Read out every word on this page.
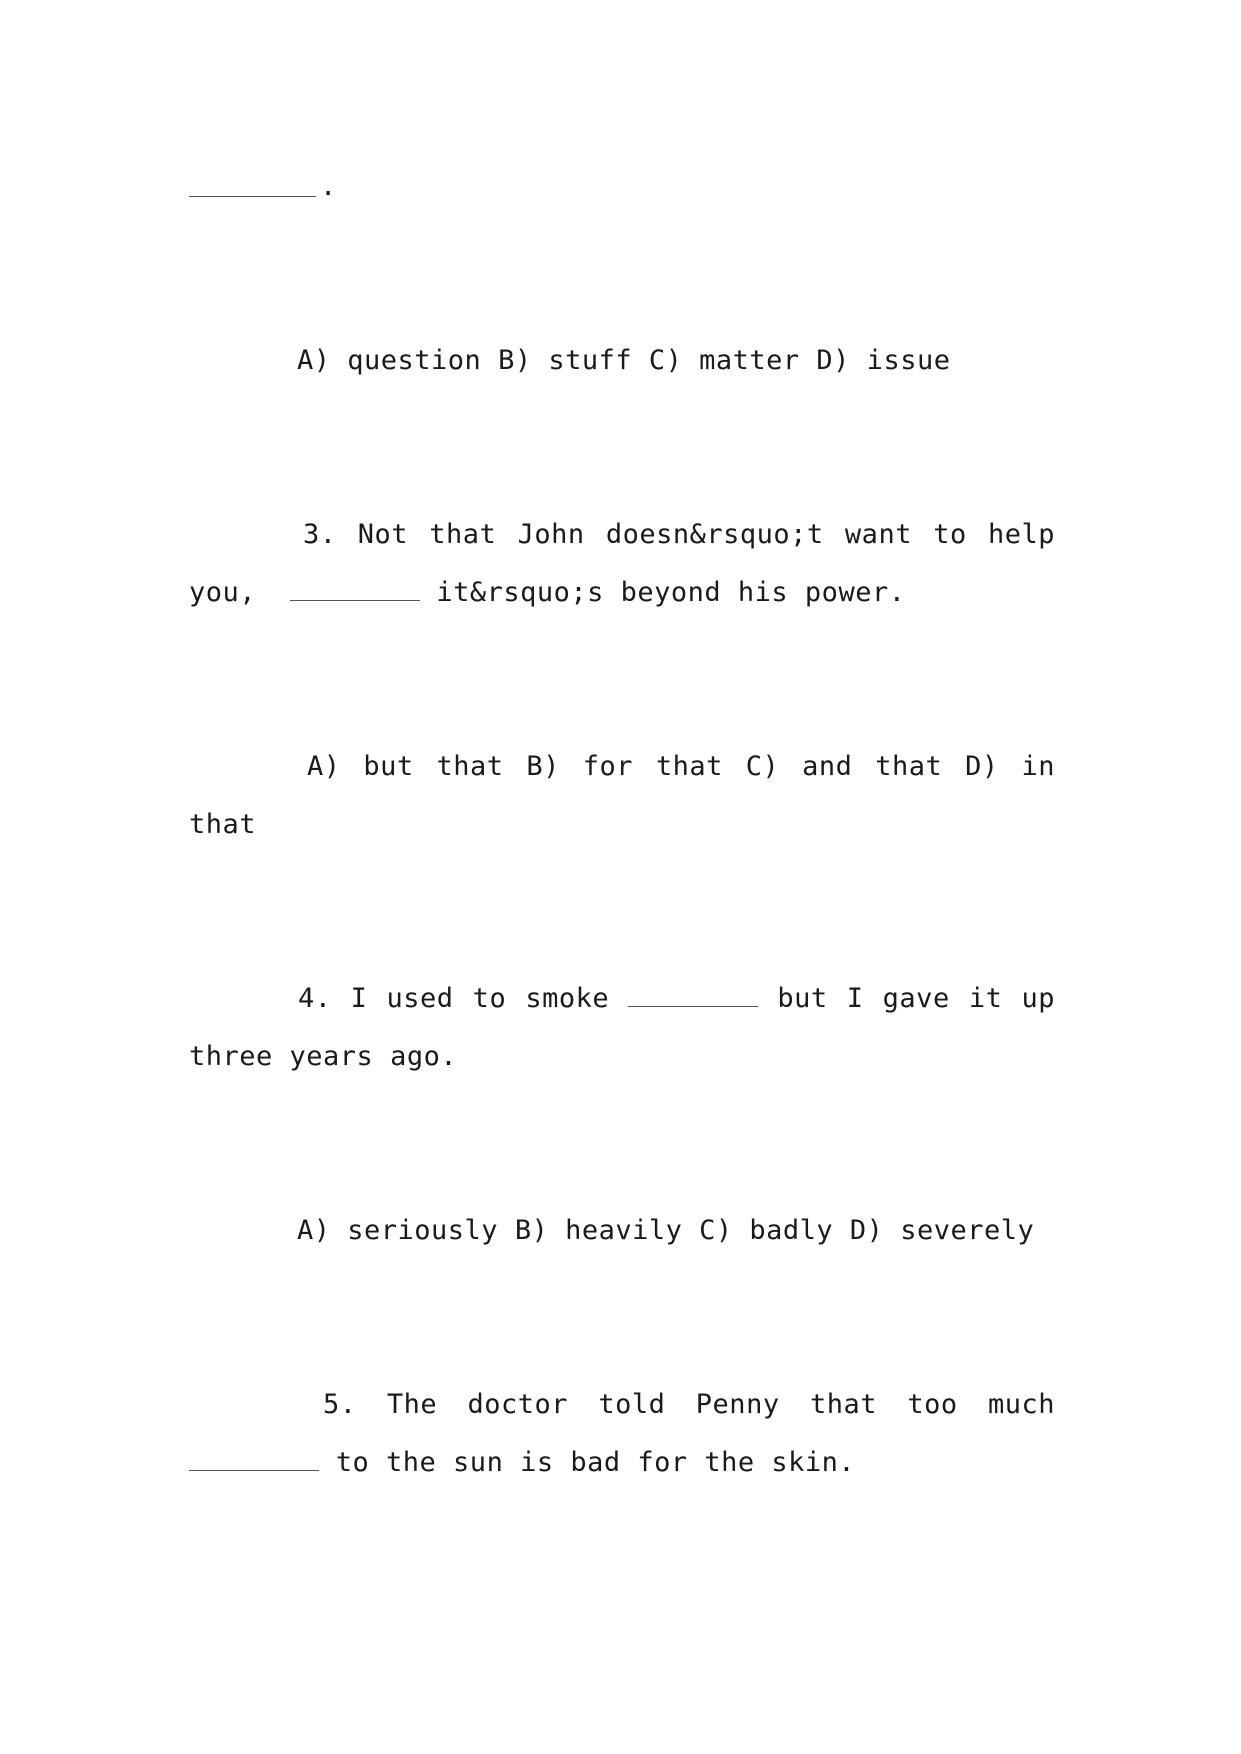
.
A) question B) stuff C) matter D) issue
3. Not that John doesn&rsquo;t want to help
you,	it&rsquo;s beyond his power.
A) but that B) for that C) and that D) in
that
4. I used to smoke	but I gave it up
three years ago.
A) seriously B) heavily C) badly D) severely
5. The doctor told Penny that too much
to the sun is bad for the skin.
